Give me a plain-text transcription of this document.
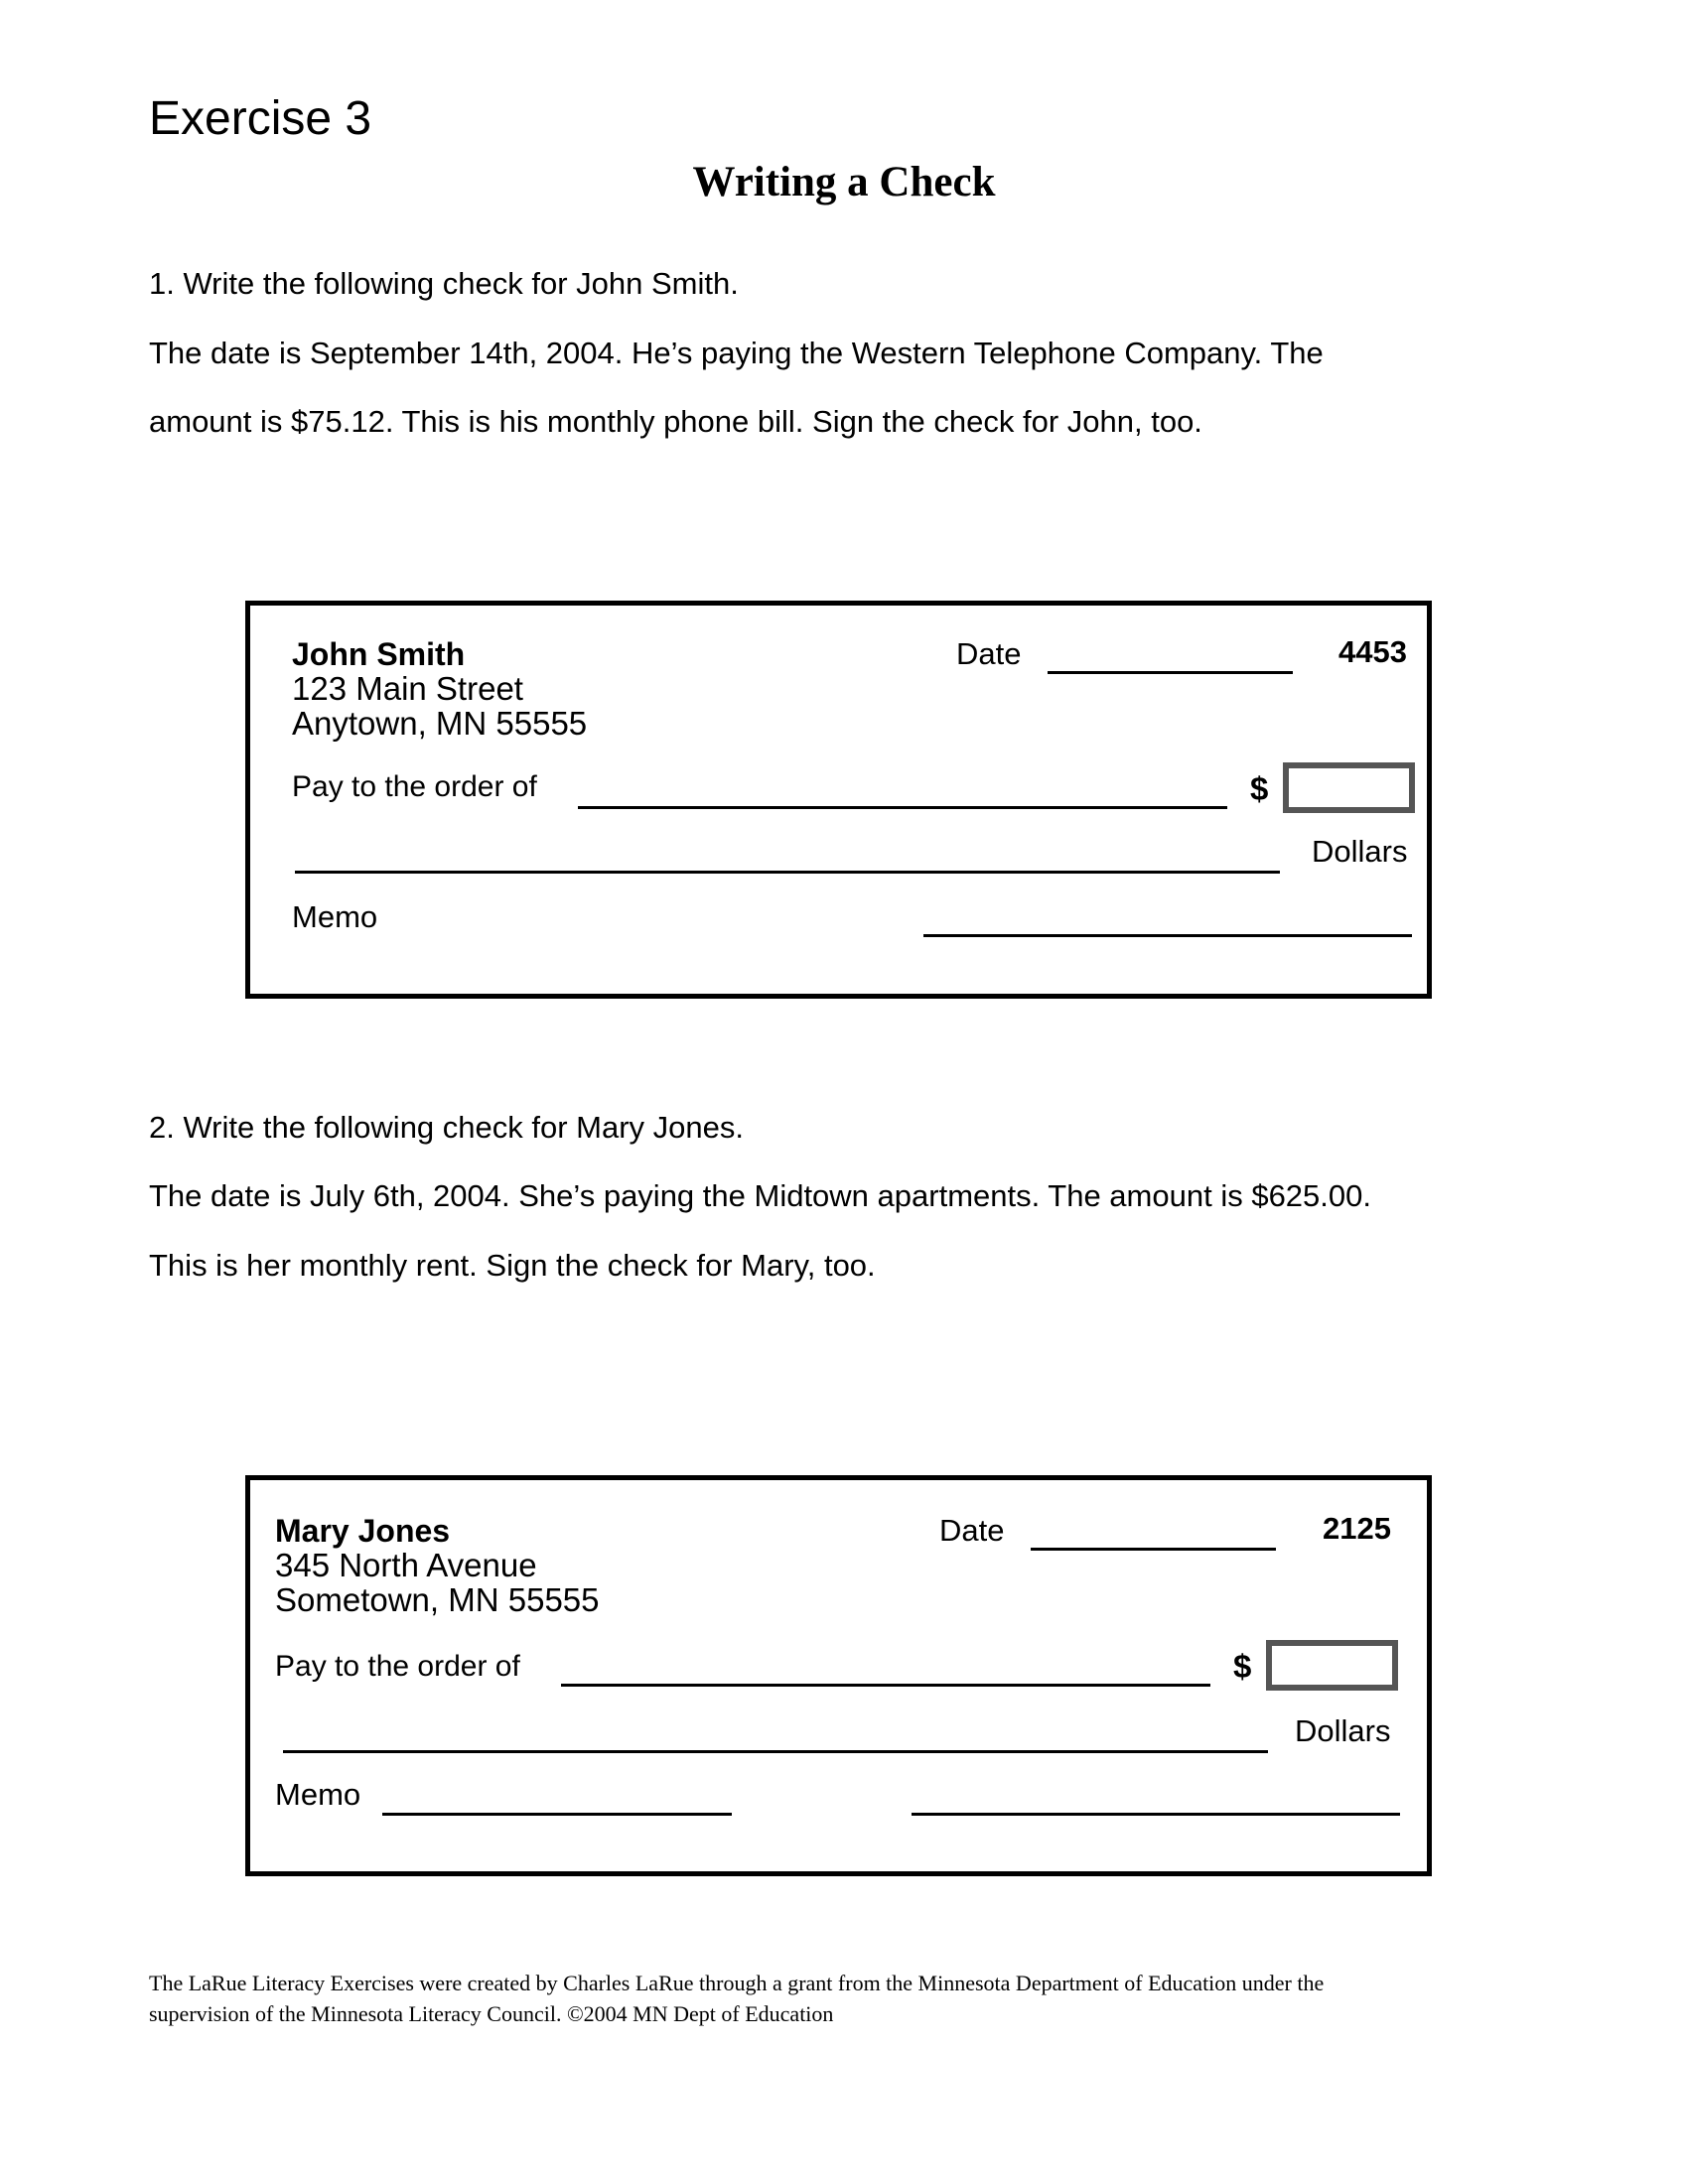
Exercise 3
Writing a Check
1. Write the following check for John Smith.
The date is September 14th, 2004. He’s paying the Western Telephone Company. The
amount is $75.12. This is his monthly phone bill. Sign the check for John, too.
John Smith
123 Main Street
Anytown, MN 55555
Date	4453
Pay to the order of	$
Dollars
Memo
2. Write the following check for Mary Jones.
The date is July 6th, 2004. She’s paying the Midtown apartments. The amount is $625.00.
This is her monthly rent. Sign the check for Mary, too.
Mary Jones
345 North Avenue
Sometown, MN 55555
Date	2125
Pay to the order of	$
Dollars
Memo
The LaRue Literacy Exercises were created by Charles LaRue through a grant from the Minnesota Department of Education under the
supervision of the Minnesota Literacy Council. ©2004 MN Dept of Education
